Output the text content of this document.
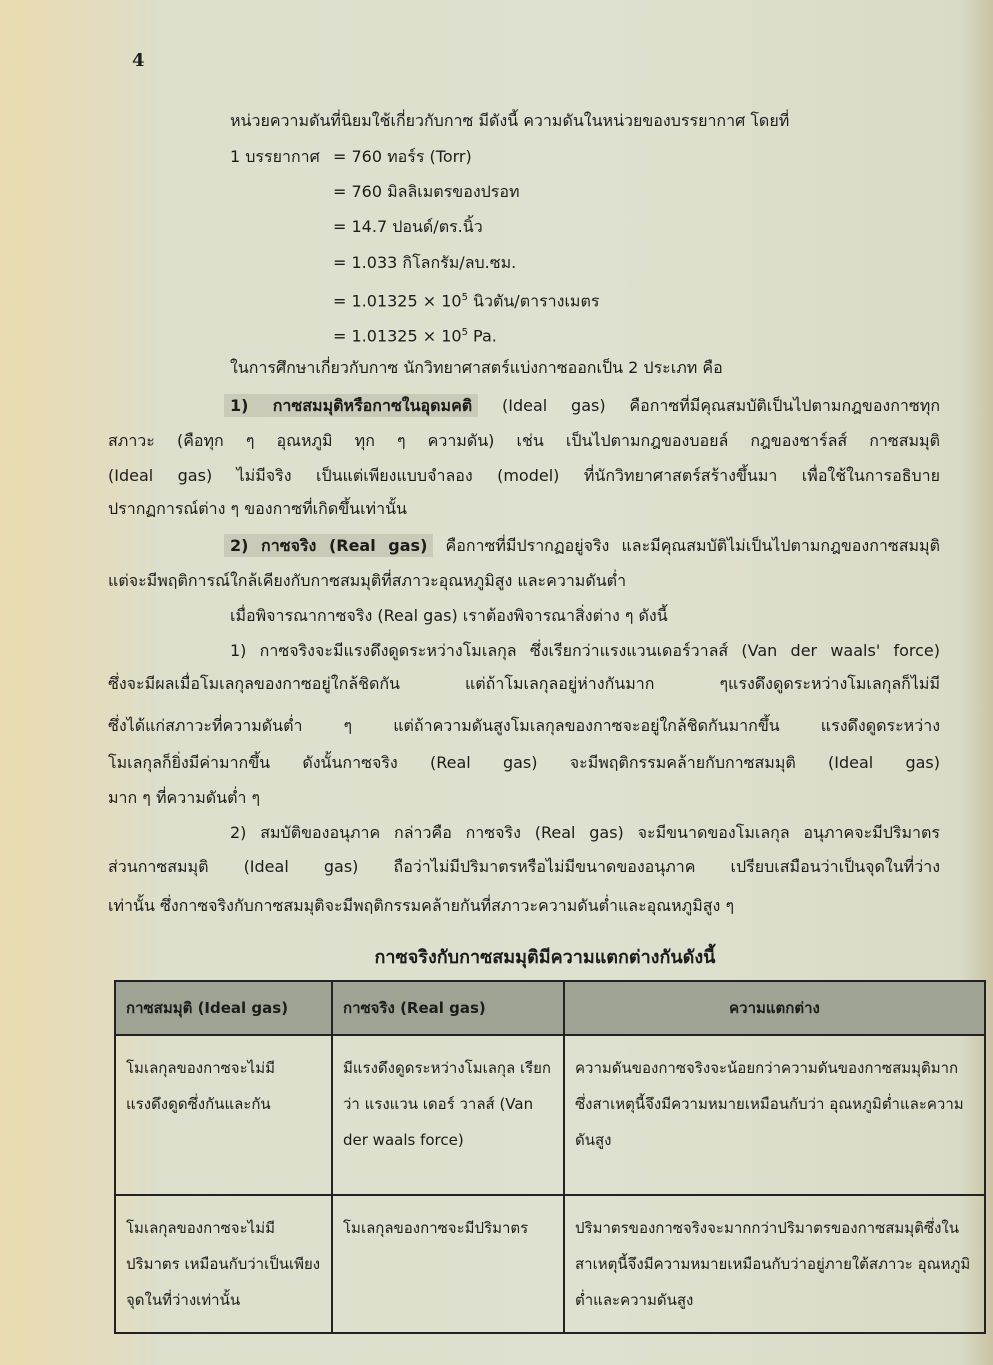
4
หน่วยความดันที่นิยมใช้เกี่ยวกับกาซ มีดังนี้ ความดันในหน่วยของบรรยากาศ โดยที่
1 บรรยากาศ = 760 ทอร์ร (Torr)
= 760 มิลลิเมตรของปรอท
= 14.7 ปอนด์/ตร.นิ้ว
= 1.033 กิโลกรัม/ลบ.ซม.
= $1.01325 \times 10^5$ นิวตัน/ตารางเมตร
= $1.01325 \times 10^5$ Pa.
ในการศึกษาเกี่ยวกับกาซ นักวิทยาศาสตร์แบ่งกาซออกเป็น 2 ประเภท คือ
1) กาซสมมุติหรือกาซในอุดมคติ (Ideal gas) คือกาซที่มีคุณสมบัติเป็นไปตามกฎของกาซทุก
สภาวะ (คือทุก ๆ อุณหภูมิ ทุก ๆ ความดัน) เช่น เป็นไปตามกฎของบอยล์ กฎของชาร์ลส์ กาซสมมุติ
(Ideal gas) ไม่มีจริง เป็นแต่เพียงแบบจำลอง (model) ที่นักวิทยาศาสตร์สร้างขึ้นมา เพื่อใช้ในการอธิบาย
ปรากฏการณ์ต่าง ๆ ของกาซที่เกิดขึ้นเท่านั้น
2) กาซจริง (Real gas) คือกาซที่มีปรากฏอยู่จริง และมีคุณสมบัติไม่เป็นไปตามกฎของกาซสมมุติ
แต่จะมีพฤติการณ์ใกล้เคียงกับกาซสมมุติที่สภาวะอุณหภูมิสูง และความดันต่ำ
เมื่อพิจารณากาซจริง (Real gas) เราต้องพิจารณาสิ่งต่าง ๆ ดังนี้
1) กาซจริงจะมีแรงดึงดูดระหว่างโมเลกุล ซึ่งเรียกว่าแรงแวนเดอร์วาลส์ (Van der waals' force)
ซึ่งจะมีผลเมื่อโมเลกุลของกาซอยู่ใกล้ชิดกัน แต่ถ้าโมเลกุลอยู่ห่างกันมาก ๆแรงดึงดูดระหว่างโมเลกุลก็ไม่มี
ซึ่งได้แก่สภาวะที่ความดันต่ำ ๆ แต่ถ้าความดันสูงโมเลกุลของกาซจะอยู่ใกล้ชิดกันมากขึ้น แรงดึงดูดระหว่าง
โมเลกุลก็ยิ่งมีค่ามากขึ้น ดังนั้นกาซจริง (Real gas) จะมีพฤติกรรมคล้ายกับกาซสมมุติ (Ideal gas)
มาก ๆ ที่ความดันต่ำ ๆ
2) สมบัติของอนุภาค กล่าวคือ กาซจริง (Real gas) จะมีขนาดของโมเลกุล อนุภาคจะมีปริมาตร
ส่วนกาซสมมุติ (Ideal gas) ถือว่าไม่มีปริมาตรหรือไม่มีขนาดของอนุภาค เปรียบเสมือนว่าเป็นจุดในที่ว่าง
เท่านั้น ซึ่งกาซจริงกับกาซสมมุติจะมีพฤติกรรมคล้ายกันที่สภาวะความดันต่ำและอุณหภูมิสูง ๆ
กาซจริงกับกาซสมมุติมีความแตกต่างกันดังนี้
กาซสมมุติ (Ideal gas)	กาซจริง (Real gas)	ความแตกต่าง
โมเลกุลของกาซจะไม่มีแรงดึงดูดซึ่งกันและกัน	มีแรงดึงดูดระหว่างโมเลกุล เรียกว่า แรงแวน เดอร์ วาลส์ (Van der waals force)	ความดันของกาซจริงจะน้อยกว่าความดันของกาซสมมุติมาก ซึ่งสาเหตุนี้จึงมีความหมายเหมือนกับว่า อุณหภูมิต่ำและความดันสูง
โมเลกุลของกาซจะไม่มีปริมาตร เหมือนกับว่าเป็นเพียงจุดในที่ว่างเท่านั้น	โมเลกุลของกาซจะมีปริมาตร	ปริมาตรของกาซจริงจะมากกว่าปริมาตรของกาซสมมุติซึ่งในสาเหตุนี้จึงมีความหมายเหมือนกับว่าอยู่ภายใต้สภาวะ อุณหภูมิต่ำและความดันสูง
